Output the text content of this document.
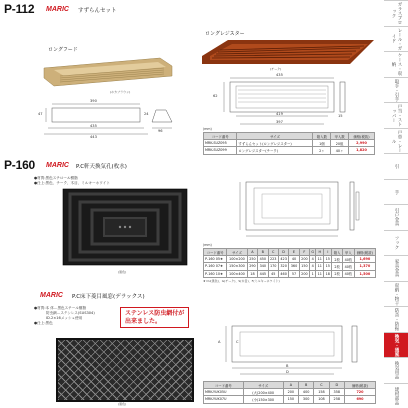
P-112 MARIC すずらんセット
ロングフード
ロングレジスター
(ホカブラウン)
390
47
435
443
24
96
(チーク)
435
62
419
397
15
(mm)
コード番号	サイズ	箱入数	甲入数	価格(税抜)
MRK-SUZ095	すずらんセット(ロングレジスター)	1個	20組	2,990
MRK-SUZ099	ロングレジスター(チーク)	2ヶ	40ヶ	1,820
P-160 MARIC P.C軒天換気孔(枚水)
●材質:黒色スチロール樹脂
●仕上:黒色、チーク、木目、ミルキーホワイト
(黒色)
(mm)
コード番号	サイズ	A	B	C	D	E	F	G	H	I	箱入	甲入	価格(税抜)
P-160 05★	100×200	250	450	223	423	40	200	4	11	15	2枚	40枚	1,690
P-160 07★	150×300	290	340	170	320	360	150	4	11	15	2枚	40枚	1,370
P-160 10★	100×400	18	445	45	460	57	200	1	11	18	2枚	40枚	1,500
★=U(黒色)、G(チーク)、S(木目)、F(ミルキーホワイト)
MARIC P.C床下菱目風窓(デラックス)
●材質:本 体…黒色スチール樹脂
防虫網…ステンレス(SUS304)
ID.2×16メッシュ使用
●仕上:黒色
ステンレス防虫網付が
出来ました。
(黒色)
A
B
C
D
コード番号	サイズ	A	B	C	D	価格(税抜)
MRK-YUK05U	(大)200×400	200	400	158	358	720
MRK-YUK07U	(小)150×300	150	300	108	258	690
ガラスブロック
レール・ガイド
ケース・収納
取手・引手
戸当・ストッパー
戸車・レール
引
手
引戸金具
フック
家具金具
収納・物干
防音・防振
換気・通風
換気用品
建材部品
